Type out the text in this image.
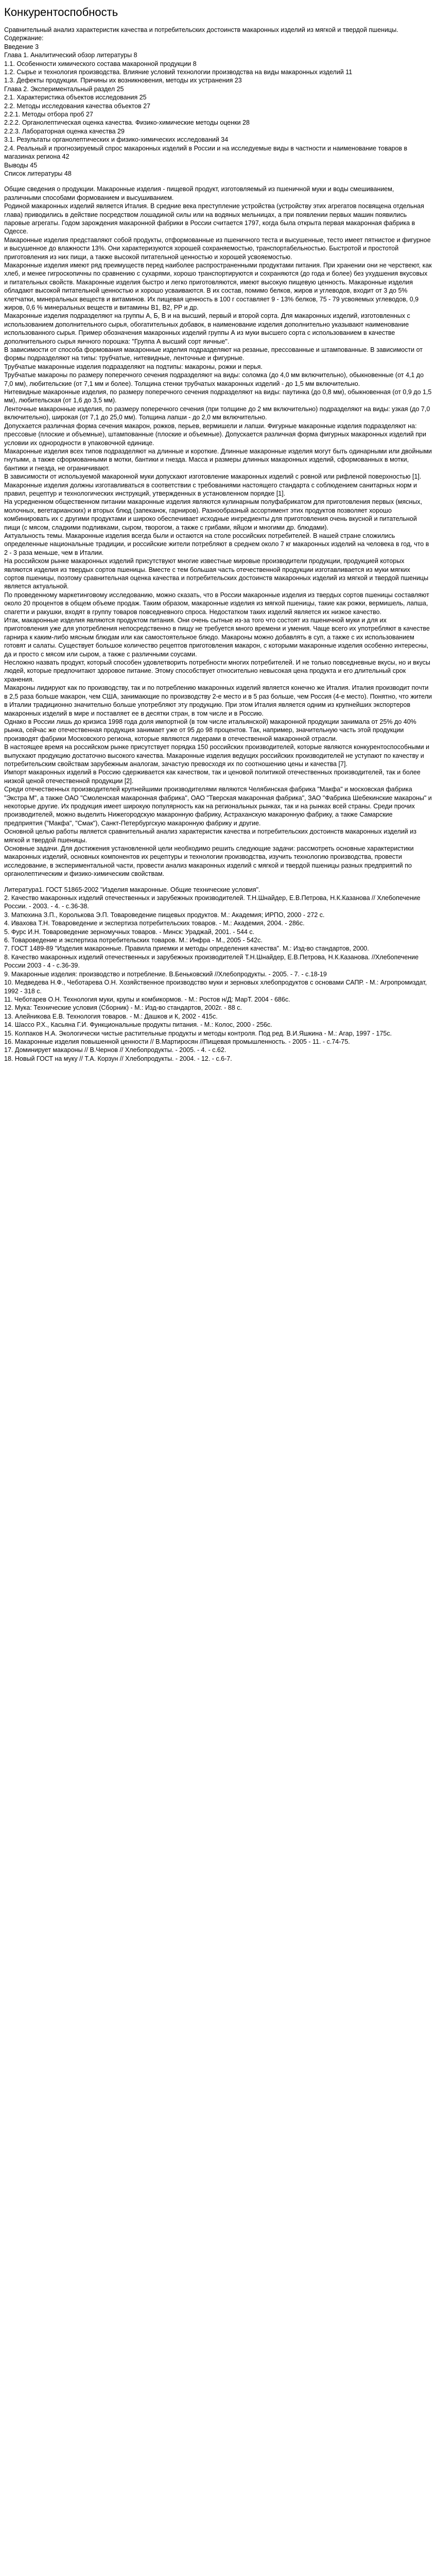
Конкурентоспобность

Сравнительный анализ характеристик качества и потребительских достоинств макаронных изделий из мягкой и твердой пшеницы. Содержание:

Введение 3

Глава 1. Аналитический обзор литературы 8

1.1. Особенности химического состава макаронной продукции 8

1.2. Сырье и технология производства. Влияние условий технологии производства на виды макаронных изделий 11

1.3. Дефекты продукции. Причины их возникновения, методы их устранения 23

Глава 2. Экспериментальный раздел 25

2.1. Характеристика объектов исследования 25

2.2. Методы исследования качества объектов 27

2.2.1. Методы отбора проб 27

2.2.2. Органолептическая оценка качества. Физико-химические методы оценки 28

2.2.3. Лабораторная оценка качества 29

3.1. Результаты органолептических и физико-химических исследований 34

2.4. Реальный и прогнозируемый спрос макаронных изделий в России и на исследуемые виды в частности и наименование товаров в магазинах региона 42

Выводы 45

Список литературы 48

Общие сведения о продукции. Макаронные изделия - пищевой продукт, изготовляемый из пшеничной муки и воды смешиванием, различными способами формованием и высушиванием.

Родиной макаронных изделий является Италия. В средние века преступление устройства (устройству этих агрегатов посвящена отдельная глава) приводились в действие посредством лошадиной силы или на водяных мельницах, а при появлении первых машин появились паровые агрегаты. Годом зарождения макаронной фабрики в России считается 1797, когда была открыта первая макаронная фабрика в Одессе.

Макаронные изделия представляют собой продукты, отформованные из пшеничного теста и высушенные, тесто имеет пятнистое и фигурное и высушенное до влажности 13%. Они характеризуются хорошей сохраняемостью, транспортабельностью. Быстротой и простотой приготовления из них пищи, а также высокой питательной ценностью и хорошей усвояемостью.

Макаронные изделия имеют ряд преимуществ перед наиболее распространенными продуктами питания. При хранении они не черствеют, как хлеб, и менее гигроскопичны по сравнению с сухарями, хорошо транспортируются и сохраняются (до года и более) без ухудшения вкусовых и питательных свойств. Макаронные изделия быстро и легко приготовляются, имеют высокую пищевую ценность. Макаронные изделия обладают высокой питательной ценностью и хорошо усваиваются. В их состав, помимо белков, жиров и углеводов, входит от 3 до 5% клетчатки, минеральных веществ и витаминов. Их пищевая ценность в 100 г составляет 9 - 13% белков, 75 - 79 усвояемых углеводов, 0,9 жиров, 0,6 % минеральных веществ и витамины B1, B2, PP и др.

Макаронные изделия подразделяют на группы А, Б, В и на высший, первый и второй сорта. Для макаронных изделий, изготовленных с использованием дополнительного сырья, обогатительных добавок, в наименование изделия дополнительно указывают наименование использованного сырья. Пример обозначения макаронных изделий группы А из муки высшего сорта с использованием в качестве дополнительного сырья яичного порошка: "Группа А высший сорт яичные".

В зависимости от способа формования макаронные изделия подразделяют на резаные, прессованные и штампованные. В зависимости от формы подразделяют на типы: трубчатые, нитевидные, ленточные и фигурные.

Трубчатые макаронные изделия подразделяют на подтипы: макароны, рожки и перья.

Трубчатые макароны по размеру поперечного сечения подразделяют на виды: соломка (до 4,0 мм включительно), обыкновенные (от 4,1 до 7,0 мм), любительские (от 7,1 мм и более). Толщина стенки трубчатых макаронных изделий - до 1,5 мм включительно.

Нитевидные макаронные изделия, по размеру поперечного сечения подразделяют на виды: паутинка (до 0,8 мм), обыкновенная (от 0,9 до 1,5 мм), любительская (от 1,6 до 3,5 мм).

Ленточные макаронные изделия, по размеру поперечного сечения (при толщине до 2 мм включительно) подразделяют на виды: узкая (до 7,0 включительно), широкая (от 7,1 до 25,0 мм). Толщина лапши - до 2,0 мм включительно.

Допускается различная форма сечения макарон, рожков, перьев, вермишели и лапши. Фигурные макаронные изделия подразделяют на: прессовые (плоские и объемные), штампованные (плоские и объемные). Допускается различная форма фигурных макаронных изделий при условии их однородности в упаковочной единице.

Макаронные изделия всех типов подразделяют на длинные и короткие. Длинные макаронные изделия могут быть одинарными или двойными гнутыми, а также сформованными в мотки, бантики и гнезда. Масса и размеры длинных макаронных изделий, сформованных в мотки, бантики и гнезда, не ограничивают.

В зависимости от используемой макаронной муки допускают изготовление макаронных изделий с ровной или рифленой поверхностью [1].

Макаронные изделия должны изготавливаться в соответствии с требованиями настоящего стандарта с соблюдением санитарных норм и правил, рецептур и технологических инструкций, утвержденных в установленном порядке [1].

На усредненном общественном питании макаронные изделия являются кулинарным полуфабрикатом для приготовления первых (мясных, молочных, вегетарианских) и вторых блюд (запеканок, гарниров). Разнообразный ассортимент этих продуктов позволяет хорошо комбинировать их с другими продуктами и широко обеспечивает исходные ингредиенты для приготовления очень вкусной и питательной пищи (с мясом, сладкими подливками, сыром, творогом, а также с грибами, яйцом и многими др. блюдами).

Актуальность темы. Макаронные изделия всегда были и остаются на столе российских потребителей. В нашей стране сложились определенные национальные традиции, и российские жители потребляют в среднем около 7 кг макаронных изделий на человека в год, что в 2 - 3 раза меньше, чем в Италии.

На российском рынке макаронных изделий присутствуют многие известные мировые производители продукции, продукцией которых являются изделия из твердых сортов пшеницы. Вместе с тем большая часть отечественной продукции изготавливается из муки мягких сортов пшеницы, поэтому сравнительная оценка качества и потребительских достоинств макаронных изделий из мягкой и твердой пшеницы является актуальной.

По проведенному маркетинговому исследованию, можно сказать, что в России макаронные изделия из твердых сортов пшеницы составляют около 20 процентов в общем объеме продаж. Таким образом, макаронные изделия из мягкой пшеницы, такие как рожки, вермишель, лапша, спагетти и ракушки, входят в группу товаров повседневного спроса. Недостатком таких изделий является их низкое качество.

Итак, макаронные изделия являются продуктом питания. Они очень сытные из-за того что состоят из пшеничной муки и для их приготовления уже для употребления непосредственно в пищу не требуется много времени и умения. Чаще всего их употребляют в качестве гарнира к каким-либо мясным блюдам или как самостоятельное блюдо. Макароны можно добавлять в суп, а также с их использованием готовят и салаты. Существует большое количество рецептов приготовления макарон, с которыми макаронные изделия особенно интересны, да и просто с мясом или сыром, а также с различными соусами.

Несложно назвать продукт, который способен удовлетворить потребности многих потребителей. И не только повседневные вкусы, но и вкусы людей, которые предпочитают здоровое питание. Этому способствует относительно невысокая цена продукта и его длительный срок хранения.

Макароны лидируют как по производству, так и по потреблению макаронных изделий является конечно же Италия. Италия производит почти в 2,5 раза больше макарон, чем США, занимающие по производству 2-е место и в 5 раз больше, чем Россия (4-е место). Понятно, что жители в Италии традиционно значительно больше употребляют эту продукцию. При этом Италия является одним из крупнейших экспортеров макаронных изделий в мире и поставляет ее в десятки стран, в том числе и в Россию.

Однако в России лишь до кризиса 1998 года доля импортной (в том числе итальянской) макаронной продукции занимала от 25% до 40% рынка, сейчас же отечественная продукция занимает уже от 95 до 98 процентов. Так, например, значительную часть этой продукции производят фабрики Московского региона, которые являются лидерами в отечественной макаронной отрасли.

В настоящее время на российском рынке присутствует порядка 150 российских производителей, которые являются конкурентоспособными и выпускают продукцию достаточно высокого качества. Макаронные изделия ведущих российских производителей не уступают по качеству и потребительским свойствам зарубежным аналогам, зачастую превосходя их по соотношению цены и качества [7].

Импорт макаронных изделий в Россию сдерживается как качеством, так и ценовой политикой отечественных производителей, так и более низкой ценой отечественной продукции [2].

Среди отечественных производителей крупнейшими производителями являются Челябинская фабрика "Макфа" и московская фабрика "Экстра М", а также ОАО "Смоленская макаронная фабрика", ОАО "Тверская макаронная фабрика", ЗАО "Фабрика Шебекинские макароны" и некоторые другие. Их продукция имеет широкую популярность как на региональных рынках, так и на рынках всей страны. Среди прочих производителей, можно выделить Нижегородскую макаронную фабрику, Астраханскую макаронную фабрику, а также Самарские предприятия ("Макфа", "Смак"), Санкт-Петербургскую макаронную фабрику и другие.

Основной целью работы является сравнительный анализ характеристик качества и потребительских достоинств макаронных изделий из мягкой и твердой пшеницы.

Основные задачи. Для достижения установленной цели необходимо решить следующие задачи: рассмотреть основные характеристики макаронных изделий, основных компонентов их рецептуры и технологии производства, изучить технологию производства, провести исследование, в экспериментальной части, провести анализ макаронных изделий с мягкой и твердой пшеницы разных предприятий по органолептическим и физико-химическим свойствам.

Литература1. ГОСТ 51865-2002 "Изделия макаронные. Общие технические условия".

2. Качество макаронных изделий отечественных и зарубежных производителей. Т.Н.Шнайдер, Е.В.Петрова, Н.К.Казанова // Хлебопечение России. - 2003. - 4. - с.36-38.

3. Матюхина З.П., Королькова Э.П. Товароведение пищевых продуктов. М.: Академия; ИРПО, 2000 - 272 с.

4. Ивахова Т.Н. Товароведение и экспертиза потребительских товаров. - М.: Академия, 2004. - 286с.

5. Фурс И.Н. Товароведение зерномучных товаров. - Минск: Ураджай, 2001. - 544 с.

6. Товароведение и экспертиза потребительских товаров. М.: Инфра - М., 2005 - 542с.

7. ГОСТ 1489-89 "Изделия макаронные. Правила приемки и методы определения качества". М.: Изд-во стандартов, 2000.

8. Качество макаронных изделий отечественных и зарубежных производителей Т.Н.Шнайдер, Е.В.Петрова, Н.К.Казанова. //Хлебопечение России 2003 - 4 - с.36-39.

9. Макаронные изделия: производство и потребление. В.Беньковский //Хлебопродукты. - 2005. - 7. - с.18-19

10. Медведева Н.Ф., Чеботарева О.Н. Хозяйственное производство муки и зерновых хлебопродуктов с основами САПР. - М.: Агропромиздат, 1992 - 318 с.

11. Чеботарев О.Н. Технология муки, крупы и комбикормов. - М.: Ростов н/Д: МарТ. 2004 - 686с.

12. Мука: Технические условия (Сборник) - М.: Изд-во стандартов, 2002г. - 88 с.

13. Алейникова Е.В. Технология товаров. - М.: Дашков и К, 2002 - 415с.

14. Шассо Р.Х., Касьяна Г.И. Функциональные продукты питания. - М.: Колос, 2000 - 256с.

15. Колпаков Н.А. Экологически чистые растительные продукты и методы контроля. Под ред. В.И.Яшкина - М.: Агар, 1997 - 175с.

16. Макаронные изделия повышенной ценности // В.Мартиросян //Пищевая промышленность. - 2005 - 11. - с.74-75.

17. Доминирует макароны // В.Чернов // Хлебопродукты. - 2005. - 4. - с.62.

18. Новый ГОСТ на муку // Т.А. Корзун // Хлебопродукты. - 2004. - 12. - с.6-7.
